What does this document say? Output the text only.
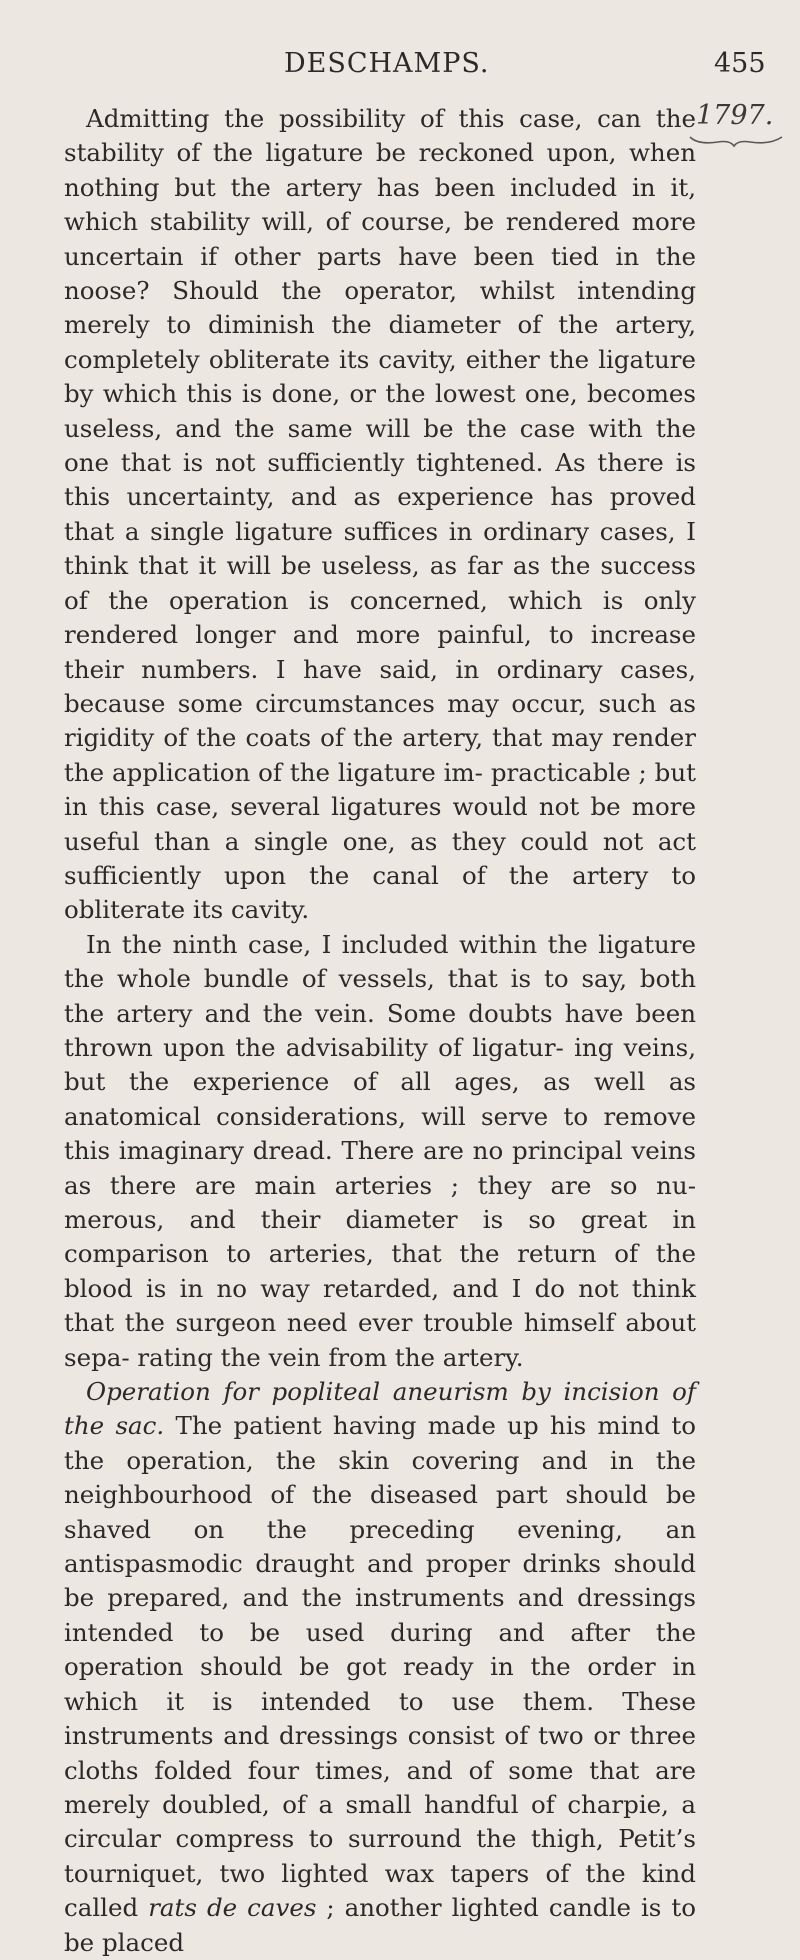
DESCHAMPS.	455
1797.

Admitting the possibility of this case, can the stability of the ligature be reckoned upon, when nothing but the artery has been included in it, which stability will, of course, be rendered more uncertain if other parts have been tied in the noose? Should the operator, whilst intending merely to diminish the diameter of the artery, completely obliterate its cavity, either the ligature by which this is done, or the lowest one, becomes useless, and the same will be the case with the one that is not sufficiently tightened. As there is this uncertainty, and as experience has proved that a single ligature suffices in ordinary cases, I think that it will be useless, as far as the success of the operation is concerned, which is only rendered longer and more painful, to increase their numbers. I have said, in ordinary cases, because some circumstances may occur, such as rigidity of the coats of the artery, that may render the application of the ligature im- practicable ; but in this case, several ligatures would not be more useful than a single one, as they could not act sufficiently upon the canal of the artery to obliterate its cavity.

In the ninth case, I included within the ligature the whole bundle of vessels, that is to say, both the artery and the vein. Some doubts have been thrown upon the advisability of ligatur- ing veins, but the experience of all ages, as well as anatomical considerations, will serve to remove this imaginary dread. There are no principal veins as there are main arteries ; they are so nu- merous, and their diameter is so great in comparison to arteries, that the return of the blood is in no way retarded, and I do not think that the surgeon need ever trouble himself about sepa- rating the vein from the artery.

Operation for popliteal aneurism by incision of the sac. The patient having made up his mind to the operation, the skin covering and in the neighbourhood of the diseased part should be shaved on the preceding evening, an antispasmodic draught and proper drinks should be prepared, and the instruments and dressings intended to be used during and after the operation should be got ready in the order in which it is intended to use them. These instruments and dressings consist of two or three cloths folded four times, and of some that are merely doubled, of a small handful of charpie, a circular compress to surround the thigh, Petit’s tourniquet, two lighted wax tapers of the kind called rats de caves ; another lighted candle is to be placed
